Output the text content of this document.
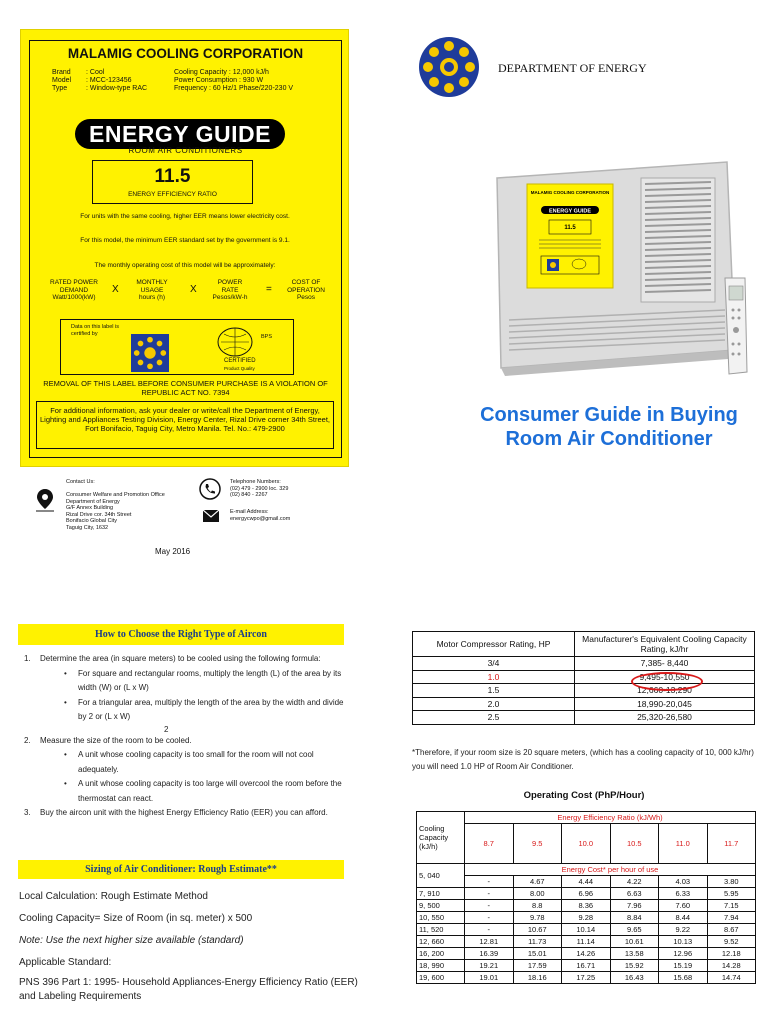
MALAMIG COOLING CORPORATION
Brand : Cool
Model : MCC-123456
Type	: Window-type RAC
Cooling Capacity : 12,000 kJ/h
Power Consumption : 930 W
Frequency : 60 Hz/1 Phase/220-230 V
ENERGY GUIDE
ROOM AIR CONDITIONERS
11.5
ENERGY EFFICIENCY RATIO
For units with the same cooling, higher EER means lower electricity cost.
For this model, the minimum EER standard set by the government is 9.1.
The monthly operating cost of this model will be approximately:
RATED POWER
DEMAND
Watt/1000(kW)
X
MONTHLY
USAGE
hours (h)
X
POWER
RATE
Pesos/kW-h
=
COST OF
OPERATION
Pesos
Data on this label is certified by
BPS
CERTIFIED
Product Quality
REMOVAL OF THIS LABEL BEFORE CONSUMER PURCHASE IS A VIOLATION OF REPUBLIC ACT NO. 7394
For additional information, ask your dealer or write/call the Department of Energy, Lighting and Appliances Testing Division, Energy Center, Rizal Drive corner 34th Street, Fort Bonifacio, Taguig City, Metro Manila. Tel. No.: 479-2900
Contact Us:
Consumer Welfare and Promotion Office
Department of Energy
G/F Annex Building
Rizal Drive cor. 34th Street
Bonifacio Global City
Taguig City, 1632
Telephone Numbers:
(02) 479 - 2900 loc. 329
(02) 840 - 2267
E-mail Address:
energycwpo@gmail.com
May 2016
DEPARTMENT OF ENERGY
MALAMIG COOLING CORPORATION
ENERGY GUIDE
11.5
Consumer Guide in Buying Room Air Conditioner
How to Choose the Right Type of Aircon
1. Determine the area (in square meters) to be cooled using the following formula:
• For square and rectangular rooms, multiply the length (L) of the area by its width (W) or (L x W)
• For a triangular area, multiply the length of the area by the width and divide by 2 or (L x W)
2
2. Measure the size of the room to be cooled.
• A unit whose cooling capacity is too small for the room will not cool adequately.
• A unit whose cooling capacity is too large will overcool the room before the thermostat can react.
3. Buy the aircon unit with the highest Energy Efficiency Ratio (EER) you can afford.
Sizing of Air Conditioner: Rough Estimate**
Local Calculation: Rough Estimate Method
Cooling Capacity= Size of Room (in sq. meter) x 500
Note: Use the next higher size available (standard)
Applicable Standard:
PNS 396 Part 1: 1995- Household Appliances-Energy Efficiency Ratio (EER) and Labeling Requirements
Motor Compressor Rating, HP	Manufacturer's Equivalent Cooling Capacity Rating, kJ/hr
3/4	7,385- 8,440
1.0	9,495-10,550
1.5	12,660-13,290
2.0	18,990-20,045
2.5	25,320-26,580
*Therefore, if your room size is 20 square meters, (which has a cooling capacity of 10, 000 kJ/hr) you will need 1.0 HP of Room Air Conditioner.
Operating Cost (PhP/Hour)
Cooling Capacity (kJ/h)	Energy Efficiency Ratio (kJ/Wh)					
	8.7	9.5	10.0	10.5	11.0	11.7
5, 040	Energy Cost* per hour of use					
	-	4.67	4.44	4.22	4.03	3.80
7, 910	-	8.00	6.96	6.63	6.33	5.95
9, 500	-	8.8	8.36	7.96	7.60	7.15
10, 550	-	9.78	9.28	8.84	8.44	7.94
11, 520	-	10.67	10.14	9.65	9.22	8.67
12, 660	12.81	11.73	11.14	10.61	10.13	9.52
16, 200	16.39	15.01	14.26	13.58	12.96	12.18
18, 990	19.21	17.59	16.71	15.92	15.19	14.28
19, 600	19.01	18.16	17.25	16.43	15.68	14.74
